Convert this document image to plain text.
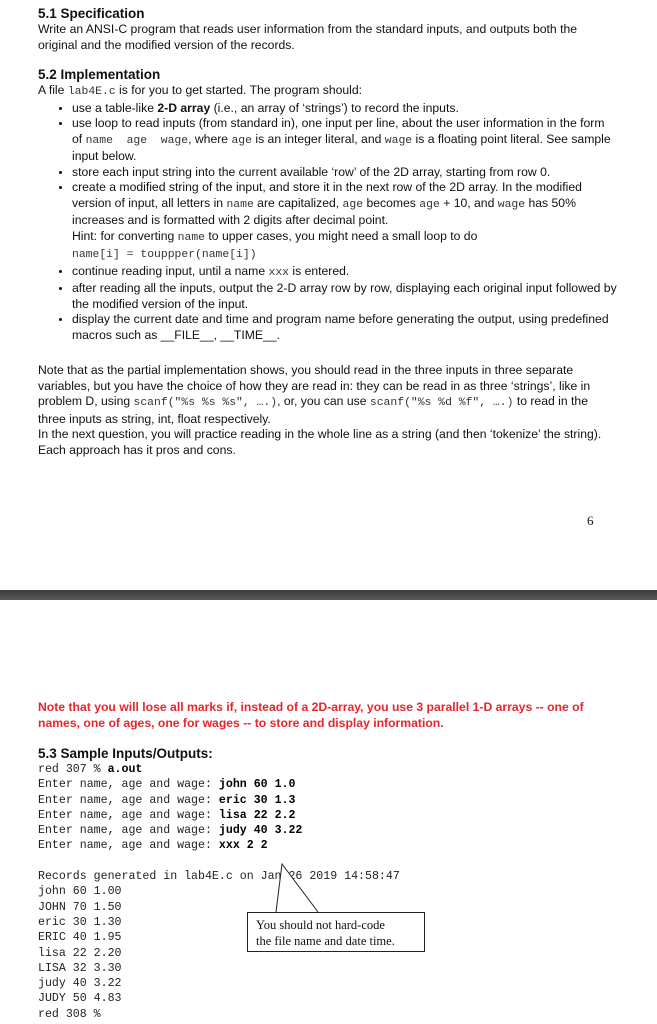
5.1 Specification

Write an ANSI-C program that reads user information from the standard inputs, and outputs both the original and the modified version of the records.

5.2 Implementation

A file lab4E.c is for you to get started. The program should:

• use a table-like 2-D array (i.e., an array of ‘strings’) to record the inputs.
• use loop to read inputs (from standard in), one input per line, about the user information in the form of name  age  wage, where age is an integer literal, and wage is a floating point literal. See sample input below.
• store each input string into the current available ‘row’ of the 2D array, starting from row 0.
• create a modified string of the input, and store it in the next row of the 2D array. In the modified version of input, all letters in name are capitalized, age becomes age + 10, and wage has 50% increases and is formatted with 2 digits after decimal point.
Hint: for converting name to upper cases, you might need a small loop to do
name[i] = touppper(name[i])
• continue reading input, until a name xxx is entered.
• after reading all the inputs, output the 2-D array row by row, displaying each original input followed by the modified version of the input.
• display the current date and time and program name before generating the output, using predefined macros such as __FILE__, __TIME__.

Note that as the partial implementation shows, you should read in the three inputs in three separate variables, but you have the choice of how they are read in: they can be read in as three ‘strings’, like in problem D, using scanf("%s %s %s", ….), or, you can use scanf("%s %d %f", ….) to read in the three inputs as string, int, float respectively.
In the next question, you will practice reading in the whole line as a string (and then ‘tokenize’ the string). Each approach has it pros and cons.

6

Note that you will lose all marks if, instead of a 2D-array, you use 3 parallel 1-D arrays -- one of names, one of ages, one for wages -- to store and display information.

5.3 Sample Inputs/Outputs:
red 307 % a.out
Enter name, age and wage: john 60 1.0
Enter name, age and wage: eric 30 1.3
Enter name, age and wage: lisa 22 2.2
Enter name, age and wage: judy 40 3.22
Enter name, age and wage: xxx 2 2

Records generated in lab4E.c on Jan 26 2019 14:58:47
john 60 1.00
JOHN 70 1.50
eric 30 1.30
ERIC 40 1.95
lisa 22 2.20
LISA 32 3.30
judy 40 3.22
JUDY 50 4.83
red 308 %
You should not hard-code
the file name and date time.
